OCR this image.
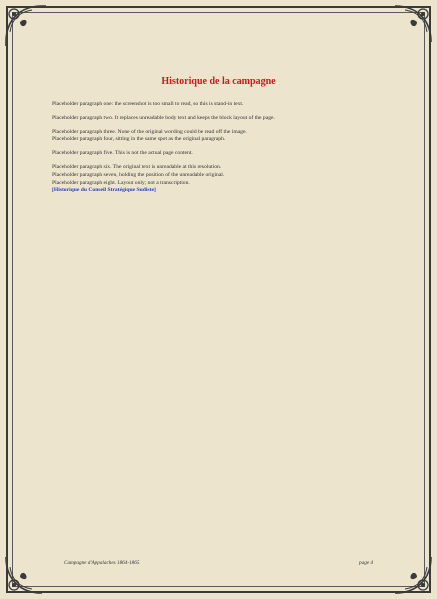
Historique de la campagne

Placeholder paragraph one: the screenshot is too small to read, so this is stand-in text.

Placeholder paragraph two. It replaces unreadable body text and keeps the block layout of the page.

Placeholder paragraph three. None of the original wording could be read off the image.

Placeholder paragraph four, sitting in the same spot as the original paragraph.

Placeholder paragraph five. This is not the actual page content.

Placeholder paragraph six. The original text is unreadable at this resolution.

Placeholder paragraph seven, holding the position of the unreadable original.

Placeholder paragraph eight. Layout only; not a transcription.

[Historique du Conseil Stratégique Sudiste]
Campagne d'Appalaches 1864-1865	page 4
